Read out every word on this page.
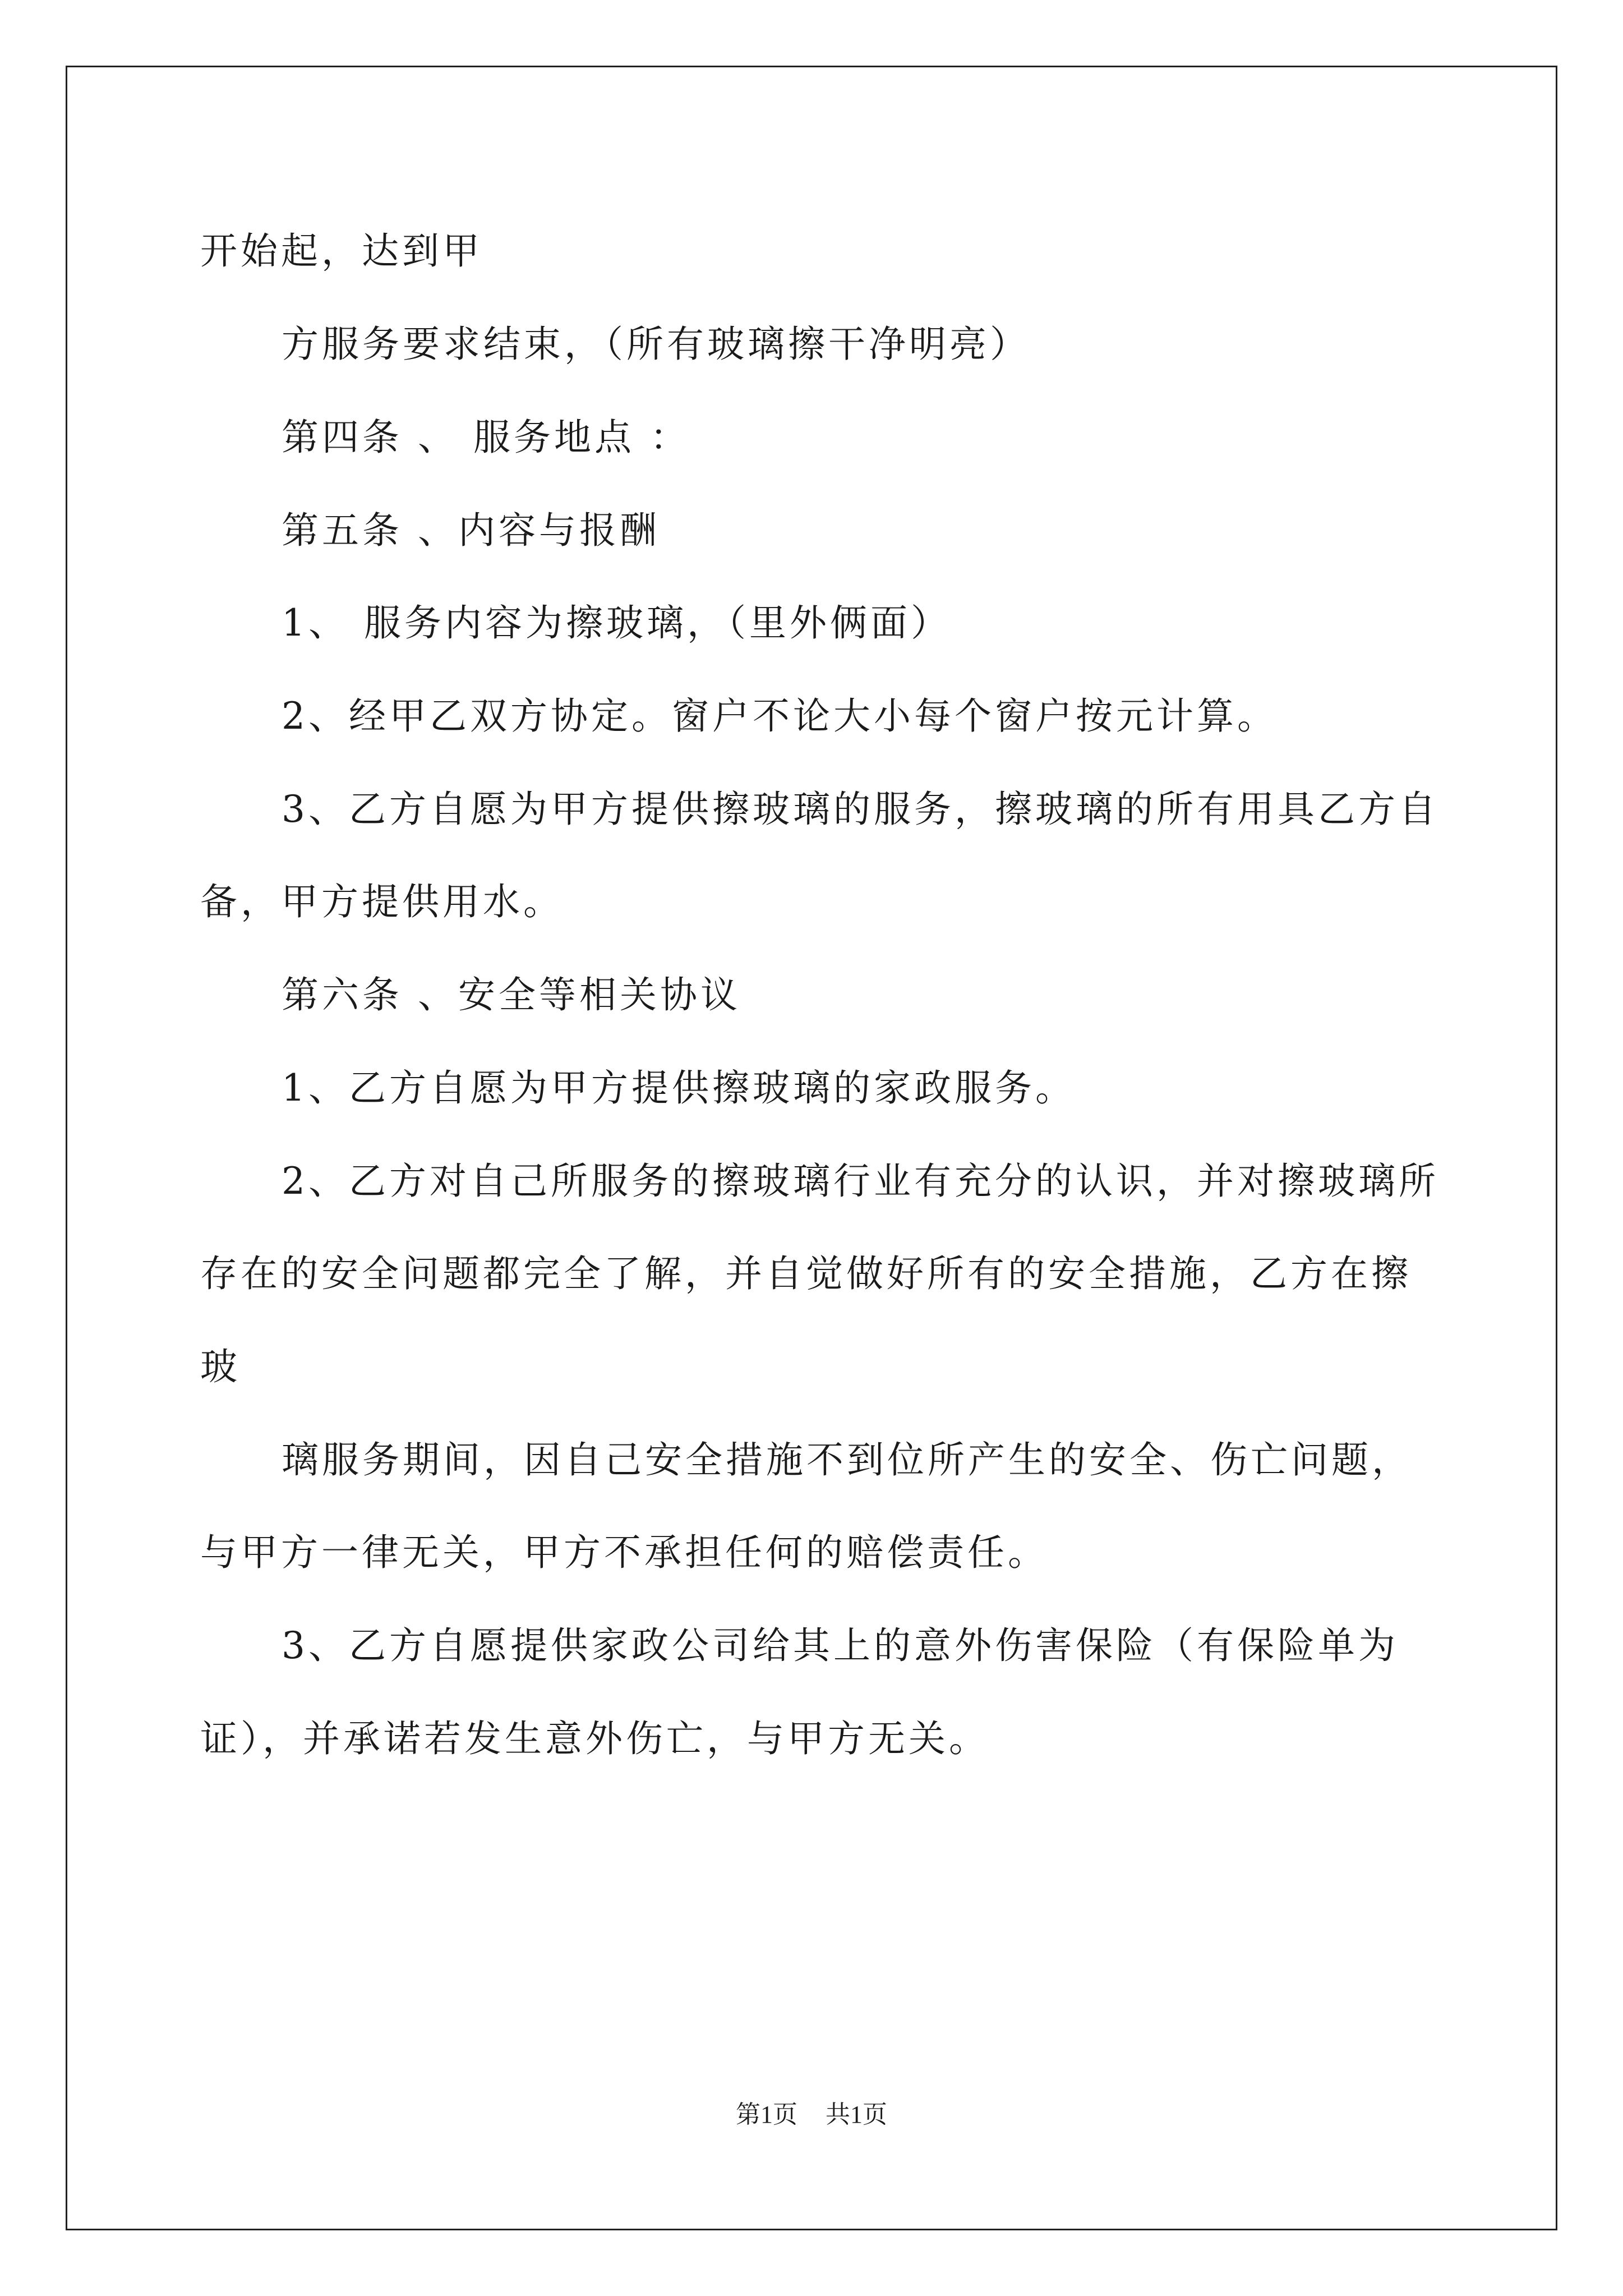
开始起，达到甲
方服务要求结束，（所有玻璃擦干净明亮）
第四条 、 服务地点 ：
第五条 、内容与报酬
1、 服务内容为擦玻璃，（里外俩面）
2、经甲乙双方协定。窗户不论大小每个窗户按元计算。
3、乙方自愿为甲方提供擦玻璃的服务，擦玻璃的所有用具乙方自
备，甲方提供用水。
第六条 、安全等相关协议
1、乙方自愿为甲方提供擦玻璃的家政服务。
2、乙方对自己所服务的擦玻璃行业有充分的认识，并对擦玻璃所
存在的安全问题都完全了解，并自觉做好所有的安全措施，乙方在擦
玻
璃服务期间，因自己安全措施不到位所产生的安全、伤亡问题，
与甲方一律无关，甲方不承担任何的赔偿责任。
3、乙方自愿提供家政公司给其上的意外伤害保险（有保险单为
证），并承诺若发生意外伤亡，与甲方无关。
第1页 共1页
